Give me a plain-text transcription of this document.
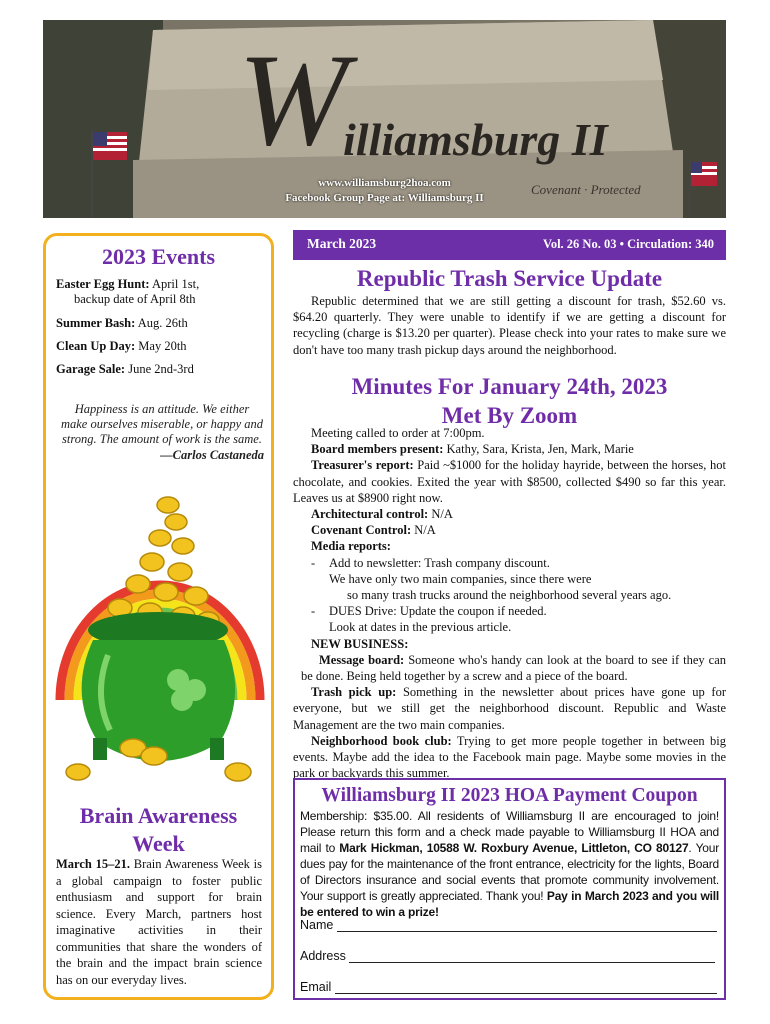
W
illiamsburg II
Covenant · Protected
www.williamsburg2hoa.com
Facebook Group Page at: Williamsburg II
2023 Events
Easter Egg Hunt: April 1st,
backup date of April 8th
Summer Bash: Aug. 26th
Clean Up Day: May 20th
Garage Sale: June 2nd-3rd
Happiness is an attitude. We either
make ourselves miserable, or happy and
strong. The amount of work is the same.
—Carlos Castaneda
Brain Awareness
Week
March 15–21. Brain Awareness Week is a global campaign to foster public enthusiasm and support for brain science. Every March, partners host imaginative activities in their communities that share the wonders of the brain and the impact brain science has on our everyday lives.
March 2023	Vol. 26 No. 03 • Circulation: 340
Republic Trash Service Update
Republic determined that we are still getting a discount for trash, $52.60 vs. $64.20 quarterly. They were unable to identify if we are getting a discount for recycling (charge is $13.20 per quarter). Please check into your rates to make sure we don't have too many trash pickup days around the neighborhood.
Minutes For January 24th, 2023
Met By Zoom
Meeting called to order at 7:00pm.
Board members present: Kathy, Sara, Krista, Jen, Mark, Marie
Treasurer's report: Paid ~$1000 for the holiday hayride, between the horses, hot chocolate, and cookies. Exited the year with $8500, collected $490 so far this year. Leaves us at $8900 right now.
Architectural control: N/A
Covenant Control: N/A
Media reports:
- Add to newsletter: Trash company discount.
We have only two main companies, since there were
so many trash trucks around the neighborhood several years ago.
- DUES Drive: Update the coupon if needed.
Look at dates in the previous article.
NEW BUSINESS:
Message board: Someone who's handy can look at the board to see if they can be done. Being held together by a screw and a piece of the board.
Trash pick up: Something in the newsletter about prices have gone up for everyone, but we still get the neighborhood discount. Republic and Waste Management are the two main companies.
Neighborhood book club: Trying to get more people together in between big events. Maybe add the idea to the Facebook main page. Maybe some movies in the park or backyards this summer.
Williamsburg II 2023 HOA Payment Coupon
Membership: $35.00. All residents of Williamsburg II are encouraged to join! Please return this form and a check made payable to Williamsburg II HOA and mail to Mark Hickman, 10588 W. Roxbury Avenue, Littleton, CO 80127. Your dues pay for the maintenance of the front entrance, electricity for the lights, Board of Directors insurance and social events that promote community involvement. Your support is greatly appreciated. Thank you! Pay in March 2023 and you will be entered to win a prize!
Name
Address
Email
